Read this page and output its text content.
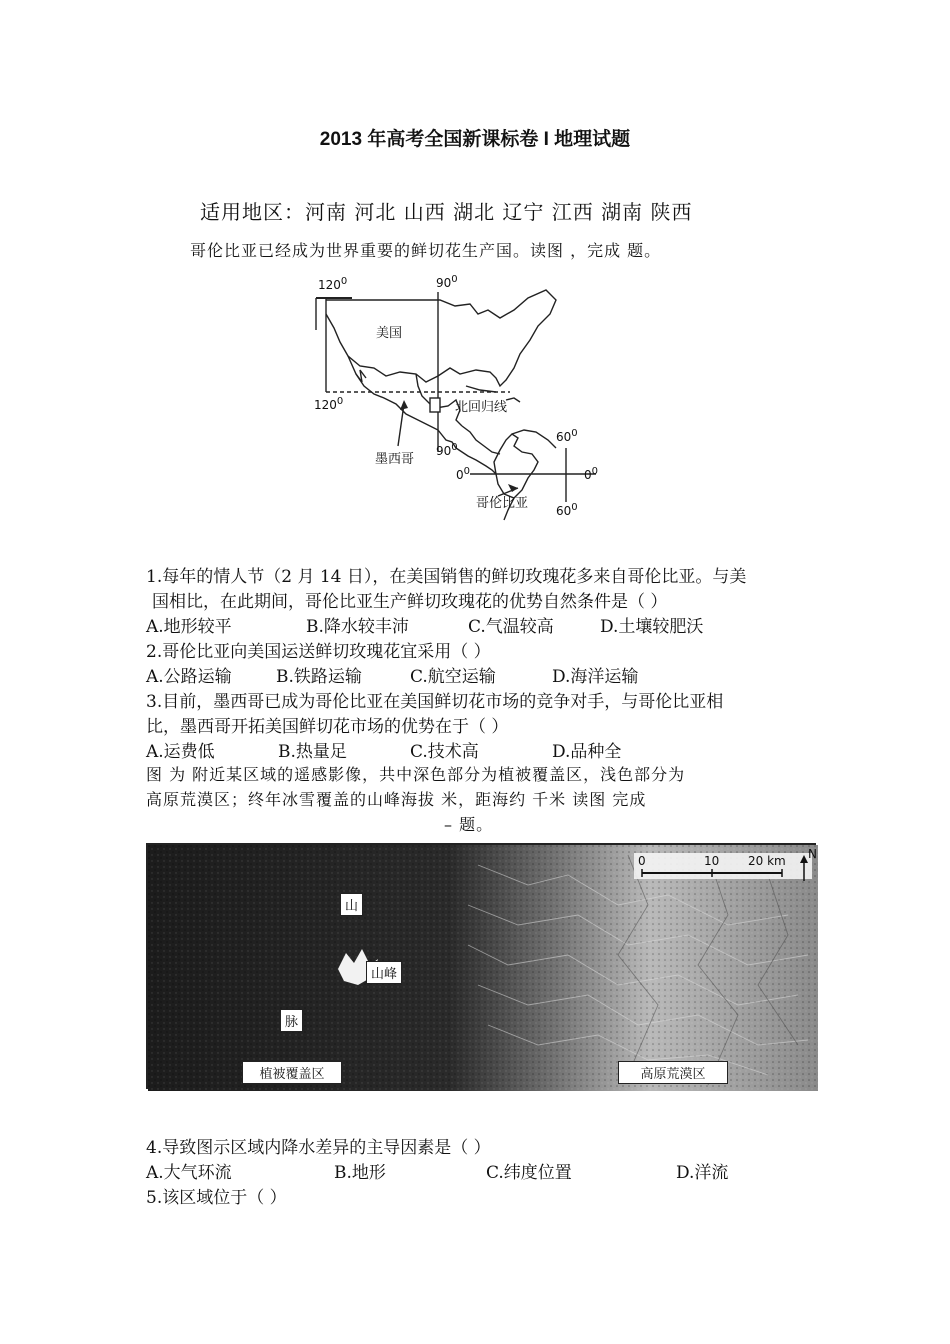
2013 年高考全国新课标卷 I 地理试题
适用地区：河南 河北 山西 湖北 辽宁 江西 湖南 陕西
哥伦比亚已经成为世界重要的鲜切花生产国。读图 ，完成 题。
美国
墨西哥
哥伦比亚
北回归线
$120^0$
$120^0$
$90^0$
$90^0$
$60^0$
$60^0$
$0^0$	$0^0$
1.每年的情人节（2 月 14 日），在美国销售的鲜切玫瑰花多来自哥伦比亚。与美
国相比，在此期间，哥伦比亚生产鲜切玫瑰花的优势自然条件是（ ）
A.地形较平	B.降水较丰沛	C.气温较高	D.土壤较肥沃
2.哥伦比亚向美国运送鲜切玫瑰花宜采用（ ）
A.公路运输	B.铁路运输	C.航空运输	D.海洋运输
3.目前，墨西哥已成为哥伦比亚在美国鲜切花市场的竞争对手，与哥伦比亚相
比，墨西哥开拓美国鲜切花市场的优势在于（ ）
A.运费低	B.热量足	C.技术高	D.品种全
图 为 附近某区域的遥感影像，共中深色部分为植被覆盖区，浅色部分为
高原荒漠区；终年冰雪覆盖的山峰海拔 米，距海约 千米 读图 完成
– 题。
0	10 20 km N
山
山峰
脉
植被覆盖区	高原荒漠区
4.导致图示区域内降水差异的主导因素是（ ）
A.大气环流	B.地形	C.纬度位置	D.洋流
5.该区域位于（ ）
